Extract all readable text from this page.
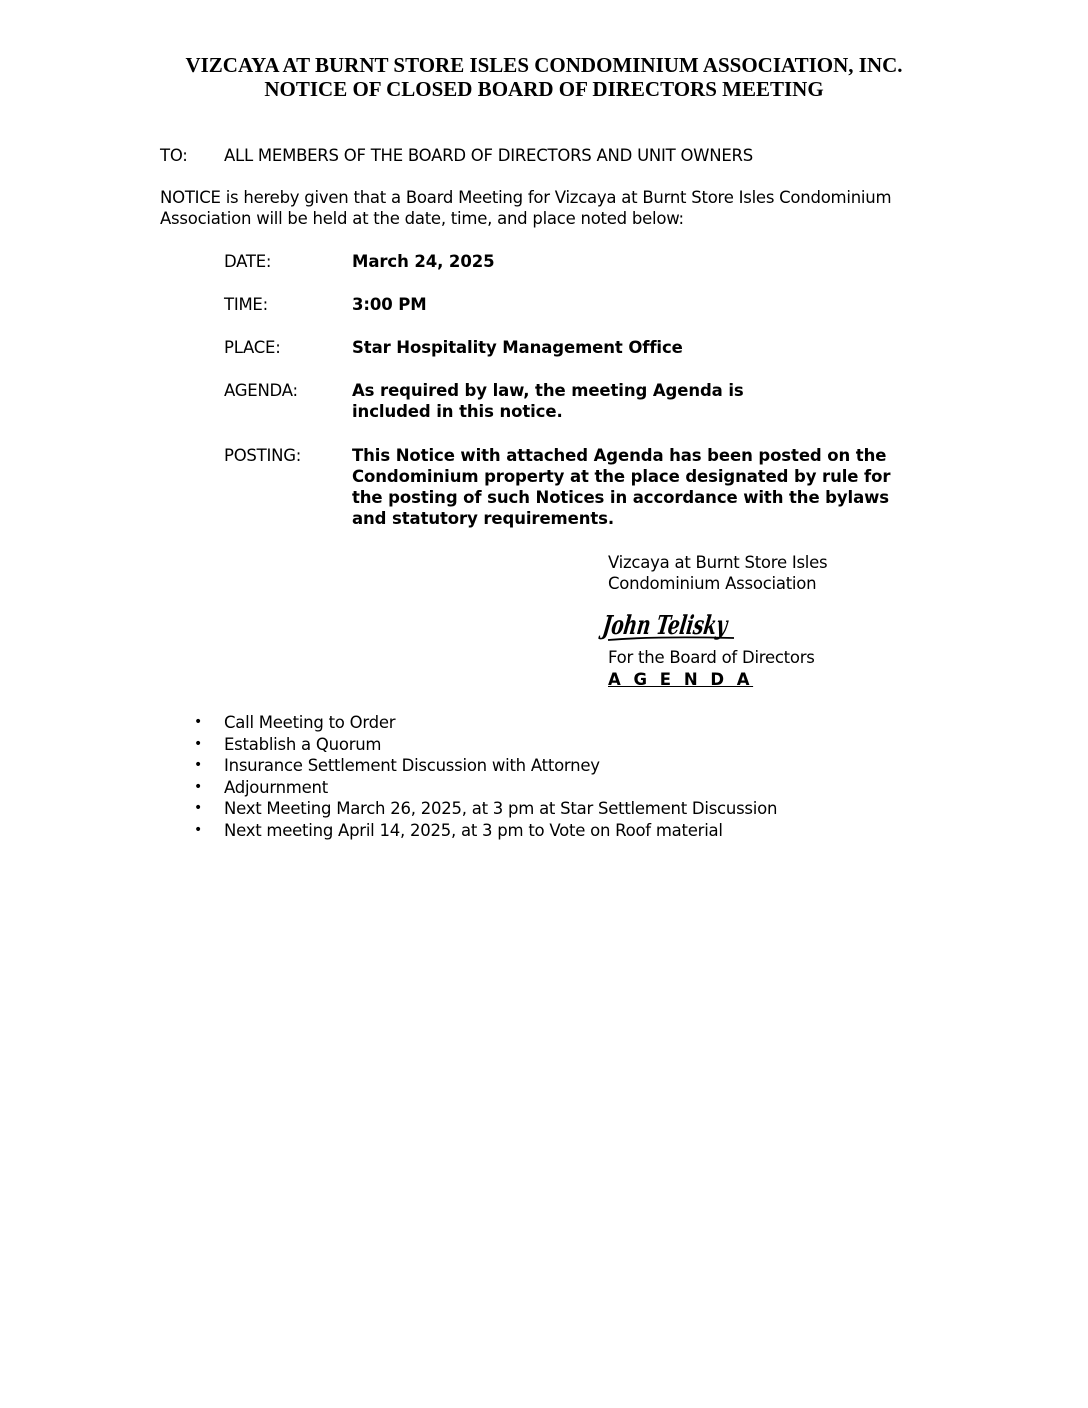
VIZCAYA AT BURNT STORE ISLES CONDOMINIUM ASSOCIATION, INC.
NOTICE OF CLOSED BOARD OF DIRECTORS MEETING
TO: ALL MEMBERS OF THE BOARD OF DIRECTORS AND UNIT OWNERS
NOTICE is hereby given that a Board Meeting for Vizcaya at Burnt Store Isles Condominium Association will be held at the date, time, and place noted below:
DATE:	March 24, 2025
TIME:	3:00 PM
PLACE:	Star Hospitality Management Office
AGENDA:	As required by law, the meeting Agenda is included in this notice.
POSTING:	This Notice with attached Agenda has been posted on the Condominium property at the place designated by rule for the posting of such Notices in accordance with the bylaws and statutory requirements.
Vizcaya at Burnt Store Isles Condominium Association
John Telisky
For the Board of Directors
A G E N D A
• Call Meeting to Order
• Establish a Quorum
• Insurance Settlement Discussion with Attorney
• Adjournment
• Next Meeting March 26, 2025, at 3 pm at Star Settlement Discussion
• Next meeting April 14, 2025, at 3 pm to Vote on Roof material
